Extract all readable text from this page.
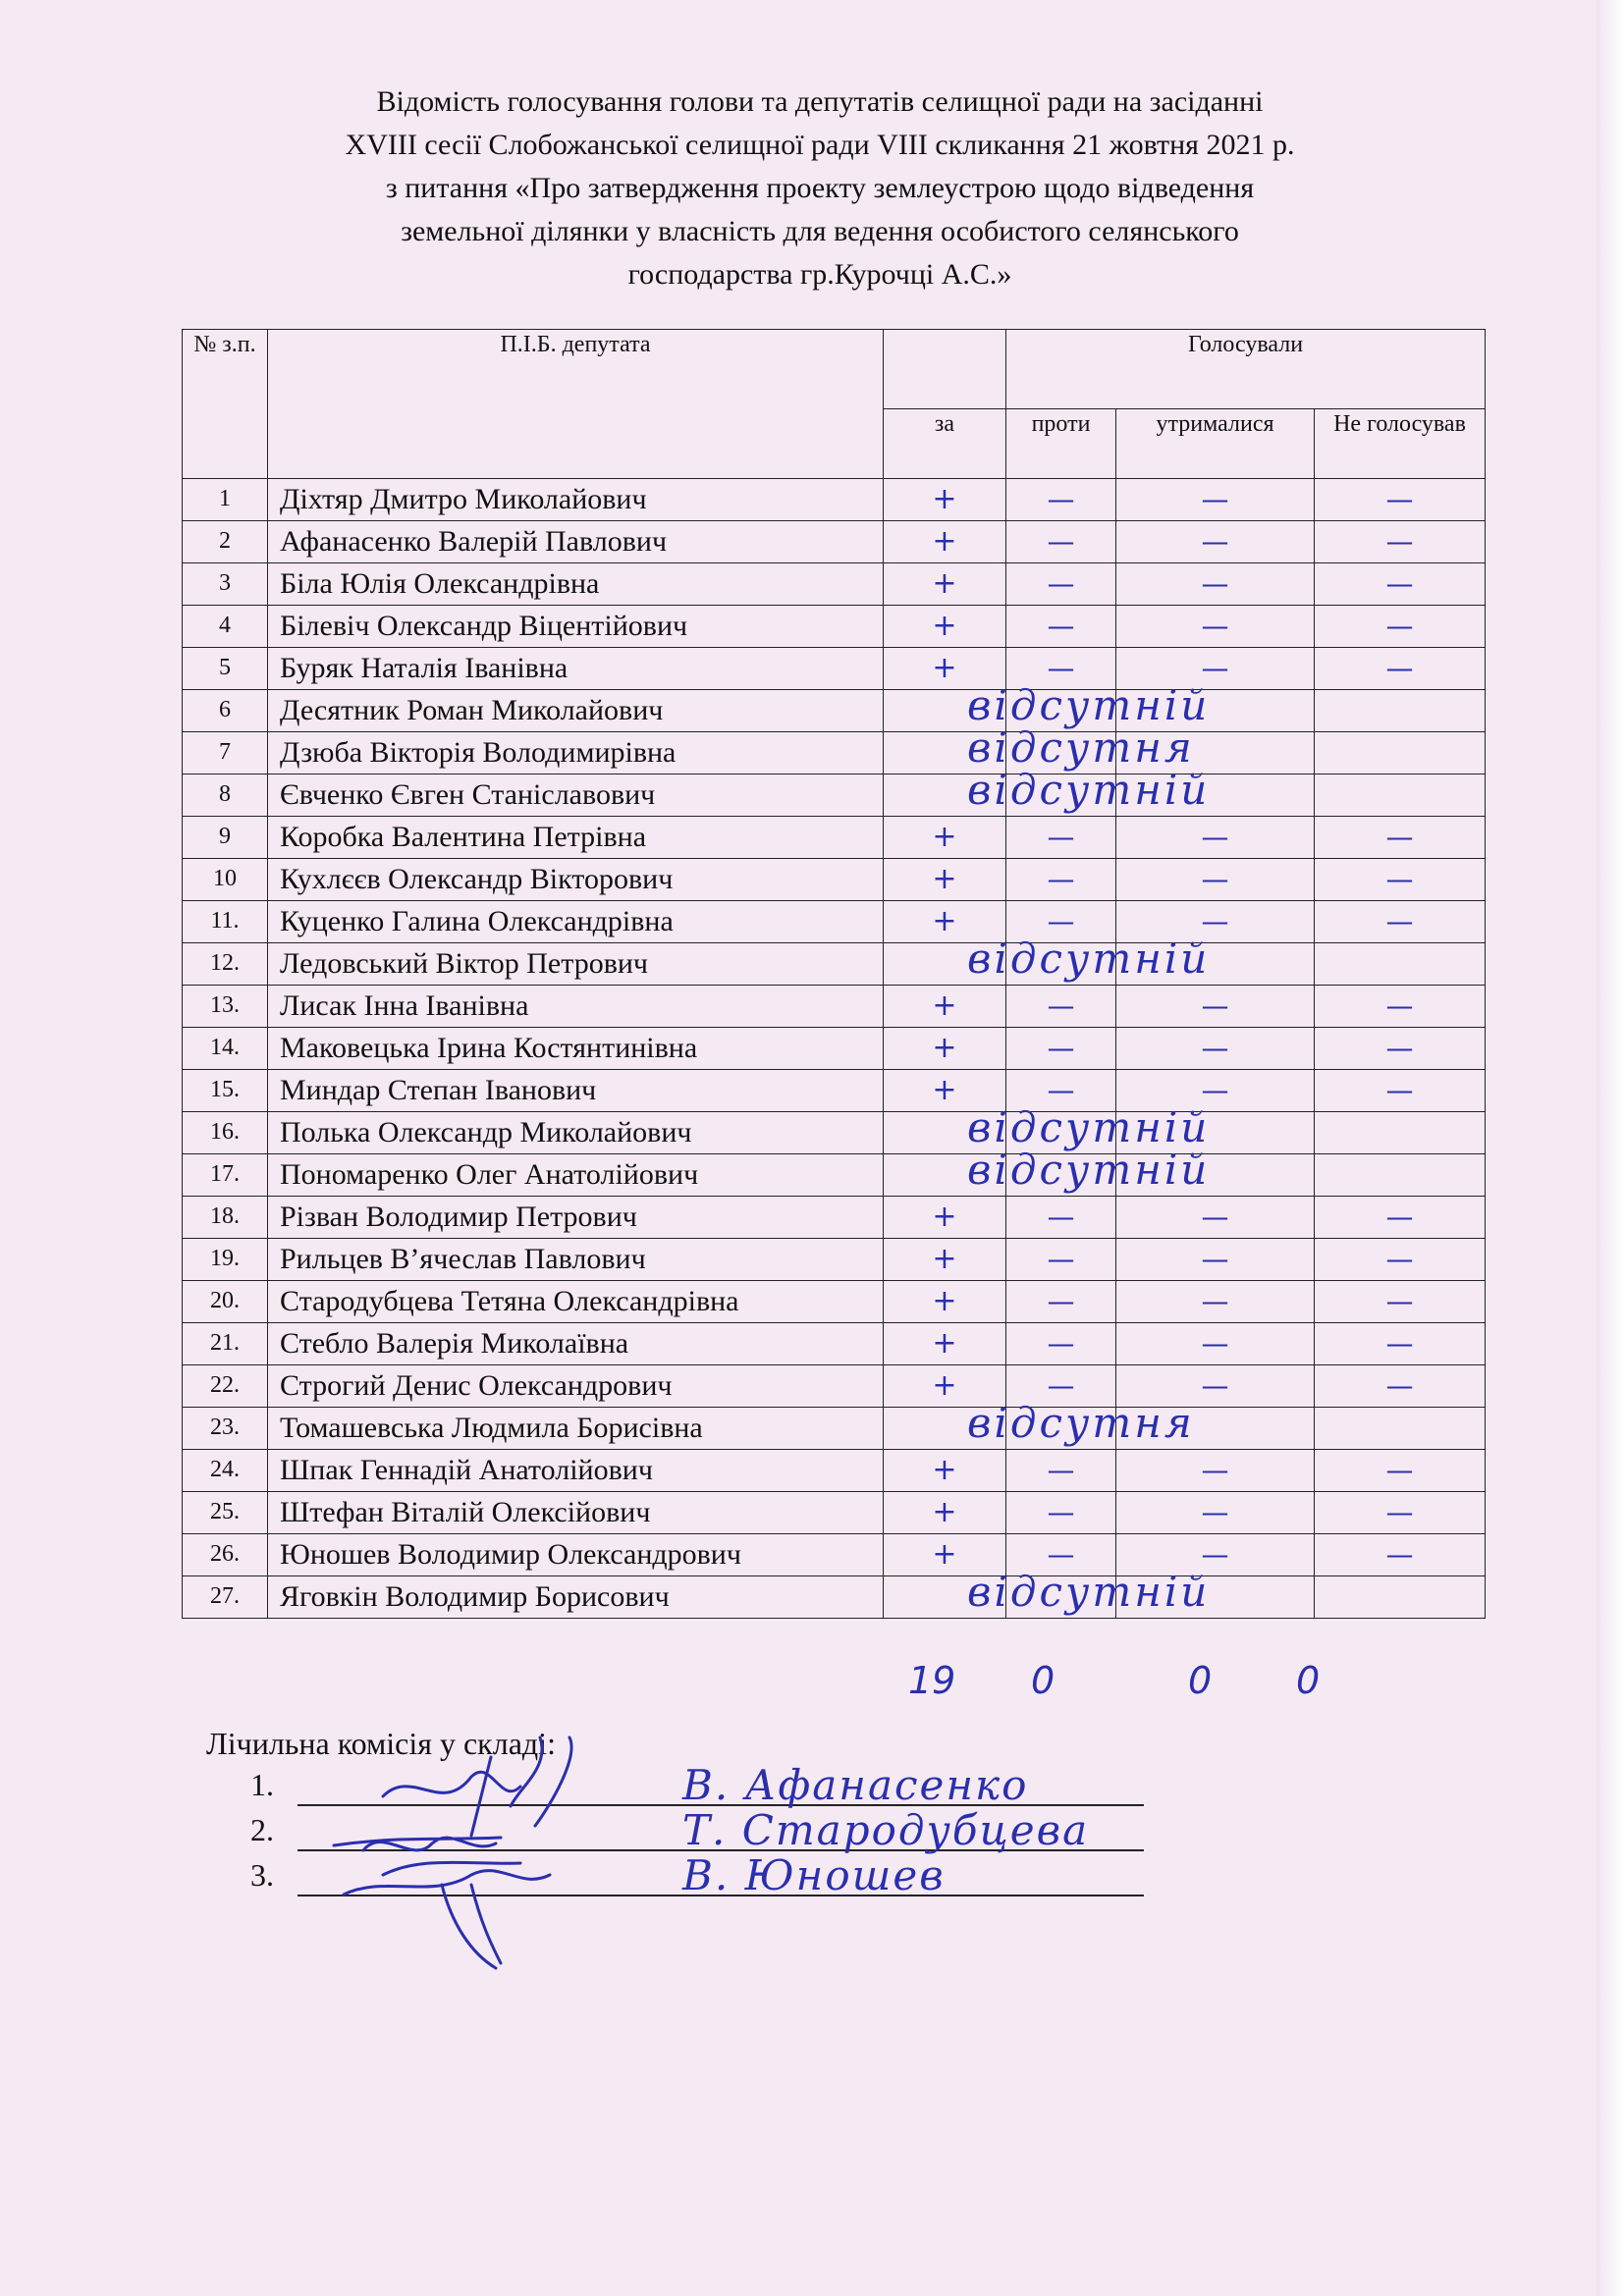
Відомість голосування голови та депутатів селищної ради на засіданні
XVIII сесії Слобожанської селищної ради VIII скликання 21 жовтня 2021 р.
з питання «Про затвердження проекту землеустрою щодо відведення
земельної ділянки у власність для ведення особистого селянського
господарства гр.Курочці А.С.»
№ з.п.	П.І.Б. депутата		Голосували		
		за	проти	утрималися	Не голосував
1	Діхтяр Дмитро Миколайович	+	—	—	—
2	Афанасенко Валерій Павлович	+	—	—	—
3	Біла Юлія Олександрівна	+	—	—	—
4	Білевіч Олександр Віцентійович	+	—	—	—
5	Буряк Наталія Іванівна	+	—	—	—
6	Десятник Роман Миколайович		відсутній		

7	Дзюба Вікторія Володимирівна		відсутня		

8	Євченко Євген Станіславович		відсутній		

9	Коробка Валентина Петрівна	+	—	—	—
10	Кухлєєв Олександр Вікторович	+	—	—	—
11.	Куценко Галина Олександрівна	+	—	—	—
12.	Ледовський Віктор Петрович		відсутній		

13.	Лисак Інна Іванівна	+	—	—	—
14.	Маковецька Ірина Костянтинівна	+	—	—	—
15.	Миндар Степан Іванович	+	—	—	—
16.	Полька Олександр Миколайович		відсутній		

17.	Пономаренко Олег Анатолійович		відсутній		

18.	Різван Володимир Петрович	+	—	—	—
19.	Рильцев В’ячеслав Павлович	+	—	—	—
20.	Стародубцева Тетяна Олександрівна	+	—	—	—
21.	Стебло Валерія Миколаївна	+	—	—	—
22.	Строгий Денис Олександрович	+	—	—	—
23.	Томашевська Людмила Борисівна		відсутня		

24.	Шпак Геннадій Анатолійович	+	—	—	—
25.	Штефан Віталій Олексійович	+	—	—	—
26.	Юношев Володимир Олександрович	+	—	—	—
27.	Яговкін Володимир Борисович		відсутній		

19 0	0 0
Лічильна комісія у складі:
1.	В. Афанасенко
2.	Т. Стародубцева
3.	В. Юношев
